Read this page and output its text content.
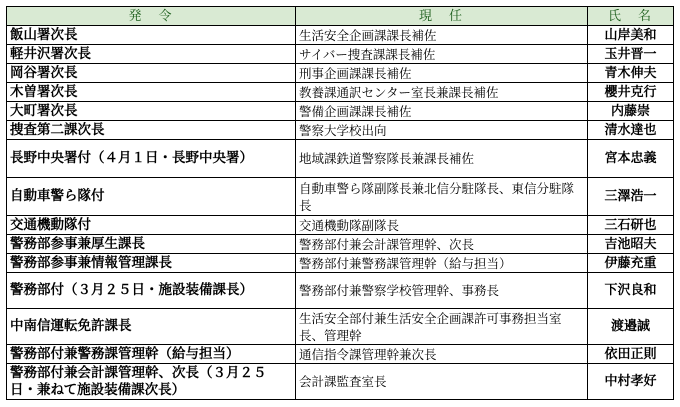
発　令	現　任	氏　名
飯山署次長	生活安全企画課課長補佐	山岸美和
軽井沢署次長	サイバー捜査課課長補佐	玉井晋一
岡谷署次長	刑事企画課課長補佐	青木伸夫
木曽署次長	教養課通訳センター室長兼課長補佐	櫻井克行
大町署次長	警備企画課課長補佐	内藤崇
捜査第二課次長	警察大学校出向	清水達也
長野中央署付（４月１日・長野中央署）	地域課鉄道警察隊長兼課長補佐	宮本忠義
自動車警ら隊付	自動車警ら隊副隊長兼北信分駐隊長、東信分駐隊長	三澤浩一
交通機動隊付	交通機動隊副隊長	三石研也
警務部参事兼厚生課長	警務部付兼会計課管理幹、次長	吉池昭夫
警務部参事兼情報管理課長	警務部付兼警務課管理幹（給与担当）	伊藤充重
警務部付（３月２５日・施設装備課長）	警務部付兼警察学校管理幹、事務長	下沢良和
中南信運転免許課長	生活安全部付兼生活安全企画課許可事務担当室長、管理幹	渡邉誠
警務部付兼警務課管理幹（給与担当）	通信指令課管理幹兼次長	依田正則
警務部付兼会計課管理幹、次長（３月２５日・兼ねて施設装備課次長）	会計課監査室長	中村孝好
